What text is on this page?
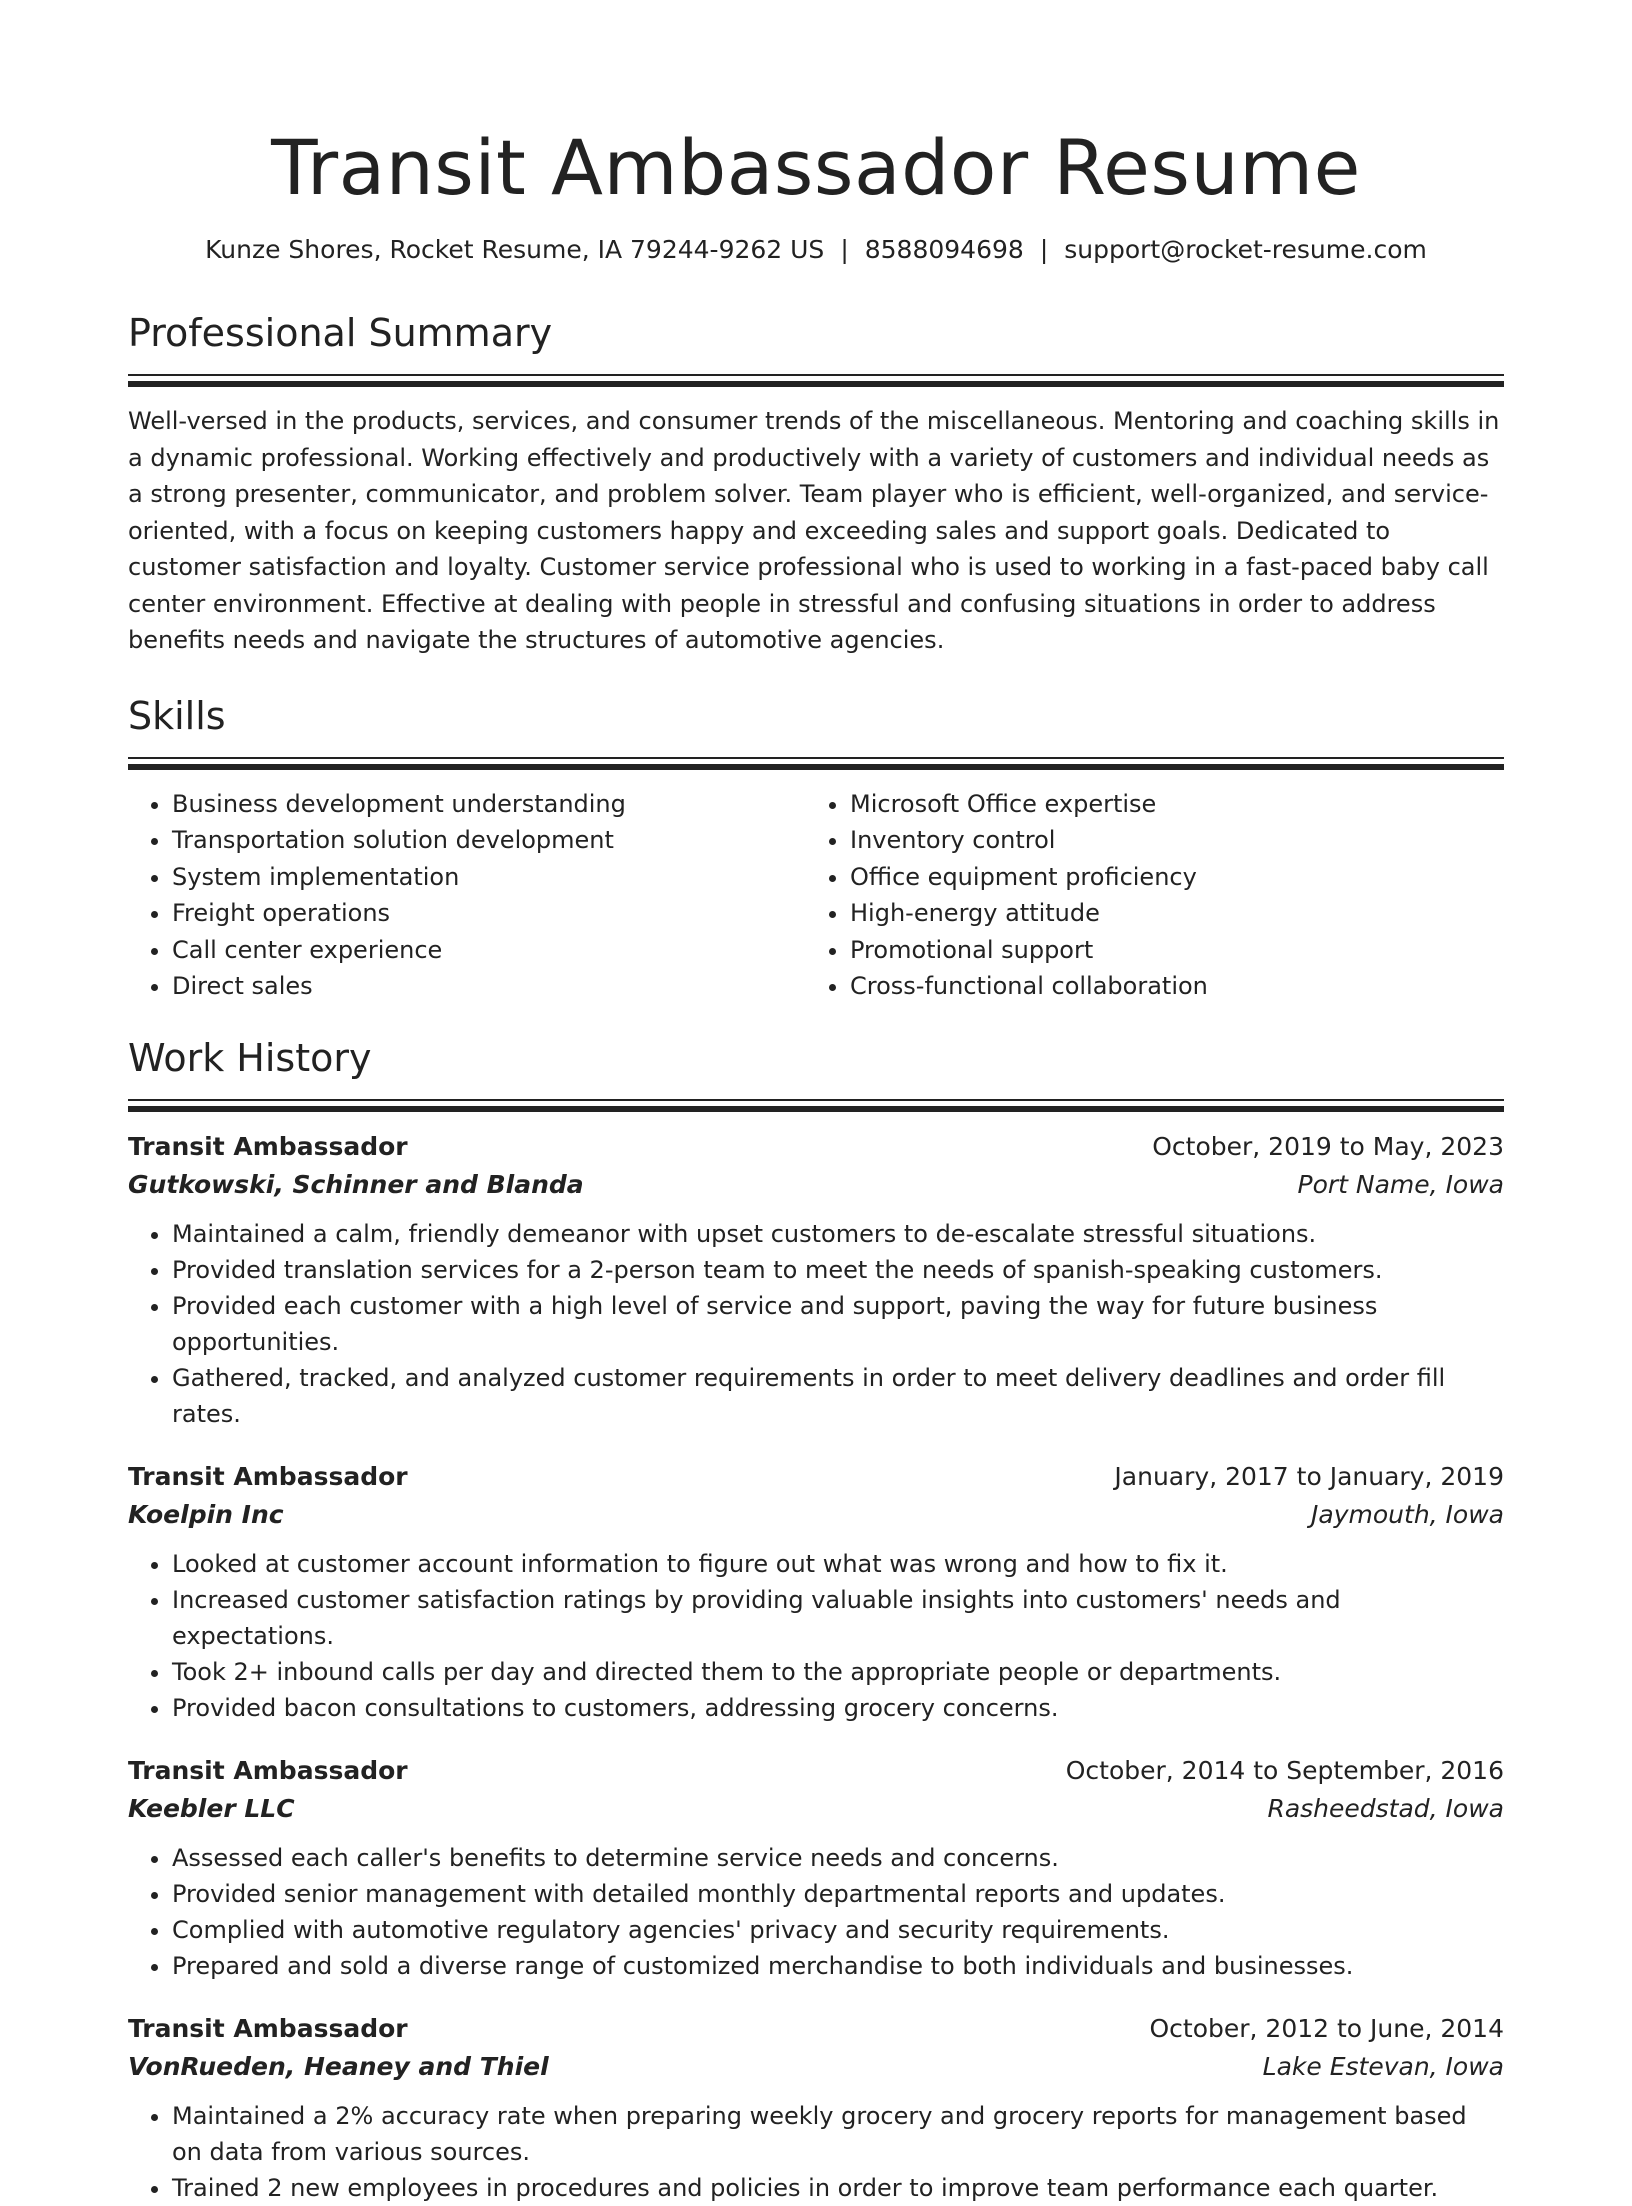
Transit Ambassador Resume
Kunze Shores, Rocket Resume, IA 79244-9262 US | 8588094698 | support@rocket-resume.com
Professional Summary

Well-versed in the products, services, and consumer trends of the miscellaneous. Mentoring and coaching skills in a dynamic professional. Working effectively and productively with a variety of customers and individual needs as a strong presenter, communicator, and problem solver. Team player who is efficient, well-organized, and service-oriented, with a focus on keeping customers happy and exceeding sales and support goals. Dedicated to customer satisfaction and loyalty. Customer service professional who is used to working in a fast-paced baby call center environment. Effective at dealing with people in stressful and confusing situations in order to address benefits needs and navigate the structures of automotive agencies.

Skills
• Business development understanding
• Transportation solution development
• System implementation
• Freight operations
• Call center experience
• Direct sales
• Microsoft Office expertise
• Inventory control
• Office equipment proficiency
• High-energy attitude
• Promotional support
• Cross-functional collaboration
Work History
Transit Ambassador	October, 2019 to May, 2023
Gutkowski, Schinner and Blanda	Port Name, Iowa
• Maintained a calm, friendly demeanor with upset customers to de-escalate stressful situations.
• Provided translation services for a 2-person team to meet the needs of spanish-speaking customers.
• Provided each customer with a high level of service and support, paving the way for future business opportunities.
• Gathered, tracked, and analyzed customer requirements in order to meet delivery deadlines and order fill rates.
Transit Ambassador	January, 2017 to January, 2019
Koelpin Inc	Jaymouth, Iowa
• Looked at customer account information to figure out what was wrong and how to fix it.
• Increased customer satisfaction ratings by providing valuable insights into customers' needs and expectations.
• Took 2+ inbound calls per day and directed them to the appropriate people or departments.
• Provided bacon consultations to customers, addressing grocery concerns.
Transit Ambassador	October, 2014 to September, 2016
Keebler LLC	Rasheedstad, Iowa
• Assessed each caller's benefits to determine service needs and concerns.
• Provided senior management with detailed monthly departmental reports and updates.
• Complied with automotive regulatory agencies' privacy and security requirements.
• Prepared and sold a diverse range of customized merchandise to both individuals and businesses.
Transit Ambassador	October, 2012 to June, 2014
VonRueden, Heaney and Thiel	Lake Estevan, Iowa
• Maintained a 2% accuracy rate when preparing weekly grocery and grocery reports for management based on data from various sources.
• Trained 2 new employees in procedures and policies in order to improve team performance each quarter.
